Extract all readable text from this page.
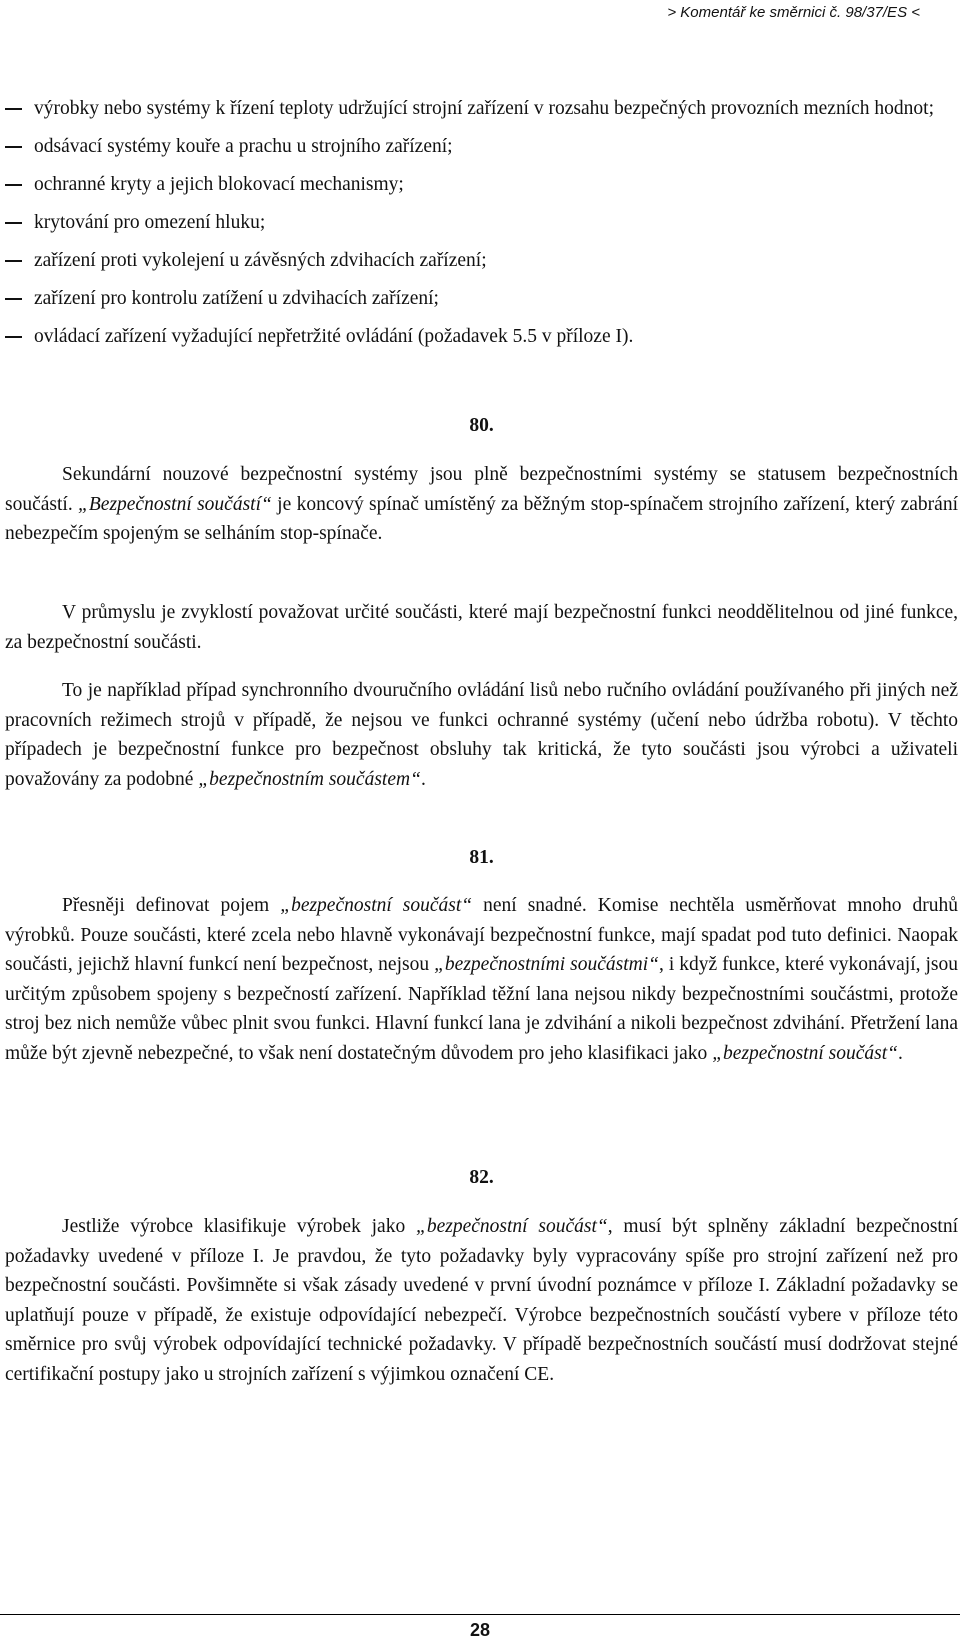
> Komentář ke směrnici č. 98/37/ES <
výrobky nebo systémy k řízení teploty udržující strojní zařízení v rozsahu bezpečných provozních mezních hodnot;
odsávací systémy kouře a prachu u strojního zařízení;
ochranné kryty a jejich blokovací mechanismy;
krytování pro omezení hluku;
zařízení proti vykolejení u závěsných zdvihacích zařízení;
zařízení pro kontrolu zatížení u zdvihacích zařízení;
ovládací zařízení vyžadující nepřetržité ovládání (požadavek 5.5 v příloze I).
80.

Sekundární nouzové bezpečnostní systémy jsou plně bezpečnostními systémy se statusem bezpečnostních součástí. „Bezpečnostní součástí“ je koncový spínač umístěný za běžným stop-spínačem strojního zařízení, který zabrání nebezpečím spojeným se selháním stop-spínače.

V průmyslu je zvyklostí považovat určité součásti, které mají bezpečnostní funkci neoddělitelnou od jiné funkce, za bezpečnostní součásti.

To je například případ synchronního dvouručního ovládání lisů nebo ručního ovládání používaného při jiných než pracovních režimech strojů v případě, že nejsou ve funkci ochranné systémy (učení nebo údržba robotu). V těchto případech je bezpečnostní funkce pro bezpečnost obsluhy tak kritická, že tyto součásti jsou výrobci a uživateli považovány za podobné „bezpečnostním součástem“.

81.

Přesněji definovat pojem „bezpečnostní součást“ není snadné. Komise nechtěla usměrňovat mnoho druhů výrobků. Pouze součásti, které zcela nebo hlavně vykonávají bezpečnostní funkce, mají spadat pod tuto definici. Naopak součásti, jejichž hlavní funkcí není bezpečnost, nejsou „bezpečnostními součástmi“, i když funkce, které vykonávají, jsou určitým způsobem spojeny s bezpečností zařízení. Například těžní lana nejsou nikdy bezpečnostními součástmi, protože stroj bez nich nemůže vůbec plnit svou funkci. Hlavní funkcí lana je zdvihání a nikoli bezpečnost zdvihání. Přetržení lana může být zjevně nebezpečné, to však není dostatečným důvodem pro jeho klasifikaci jako „bezpečnostní součást“.

82.

Jestliže výrobce klasifikuje výrobek jako „bezpečnostní součást“, musí být splněny základní bezpečnostní požadavky uvedené v příloze I. Je pravdou, že tyto požadavky byly vypracovány spíše pro strojní zařízení než pro bezpečnostní součásti. Povšimněte si však zásady uvedené v první úvodní poznámce v příloze I. Základní požadavky se uplatňují pouze v případě, že existuje odpovídající nebezpečí. Výrobce bezpečnostních součástí vybere v příloze této směrnice pro svůj výrobek odpovídající technické požadavky. V případě bezpečnostních součástí musí dodržovat stejné certifikační postupy jako u strojních zařízení s výjimkou označení CE.

28
